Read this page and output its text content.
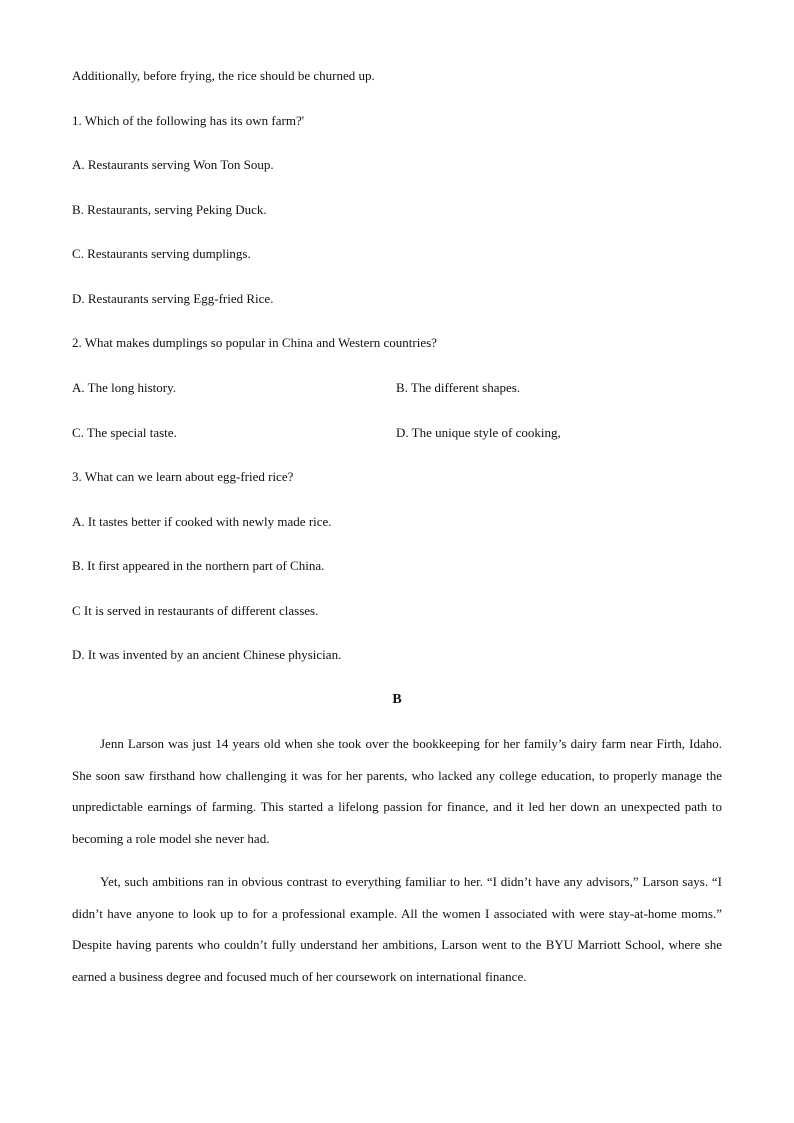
Additionally, before frying, the rice should be churned up.
1. Which of the following has its own farm?'
A. Restaurants serving Won Ton Soup.
B. Restaurants, serving Peking Duck.
C. Restaurants serving dumplings.
D. Restaurants serving Egg-fried Rice.
2. What makes dumplings so popular in China and Western countries?
A. The long history.	B. The different shapes.
C. The special taste.	D. The unique style of cooking,
3. What can we learn about egg-fried rice?
A. It tastes better if cooked with newly made rice.
B. It first appeared in the northern part of China.
C It is served in restaurants of different classes.
D. It was invented by an ancient Chinese physician.
B
Jenn Larson was just 14 years old when she took over the bookkeeping for her family’s dairy farm near Firth, Idaho. She soon saw firsthand how challenging it was for her parents, who lacked any college education, to properly manage the unpredictable earnings of farming. This started a lifelong passion for finance, and it led her down an unexpected path to becoming a role model she never had.
Yet, such ambitions ran in obvious contrast to everything familiar to her. “I didn’t have any advisors,” Larson says. “I didn’t have anyone to look up to for a professional example. All the women I associated with were stay-at-home moms.” Despite having parents who couldn’t fully understand her ambitions, Larson went to the BYU Marriott School, where she earned a business degree and focused much of her coursework on international finance.
